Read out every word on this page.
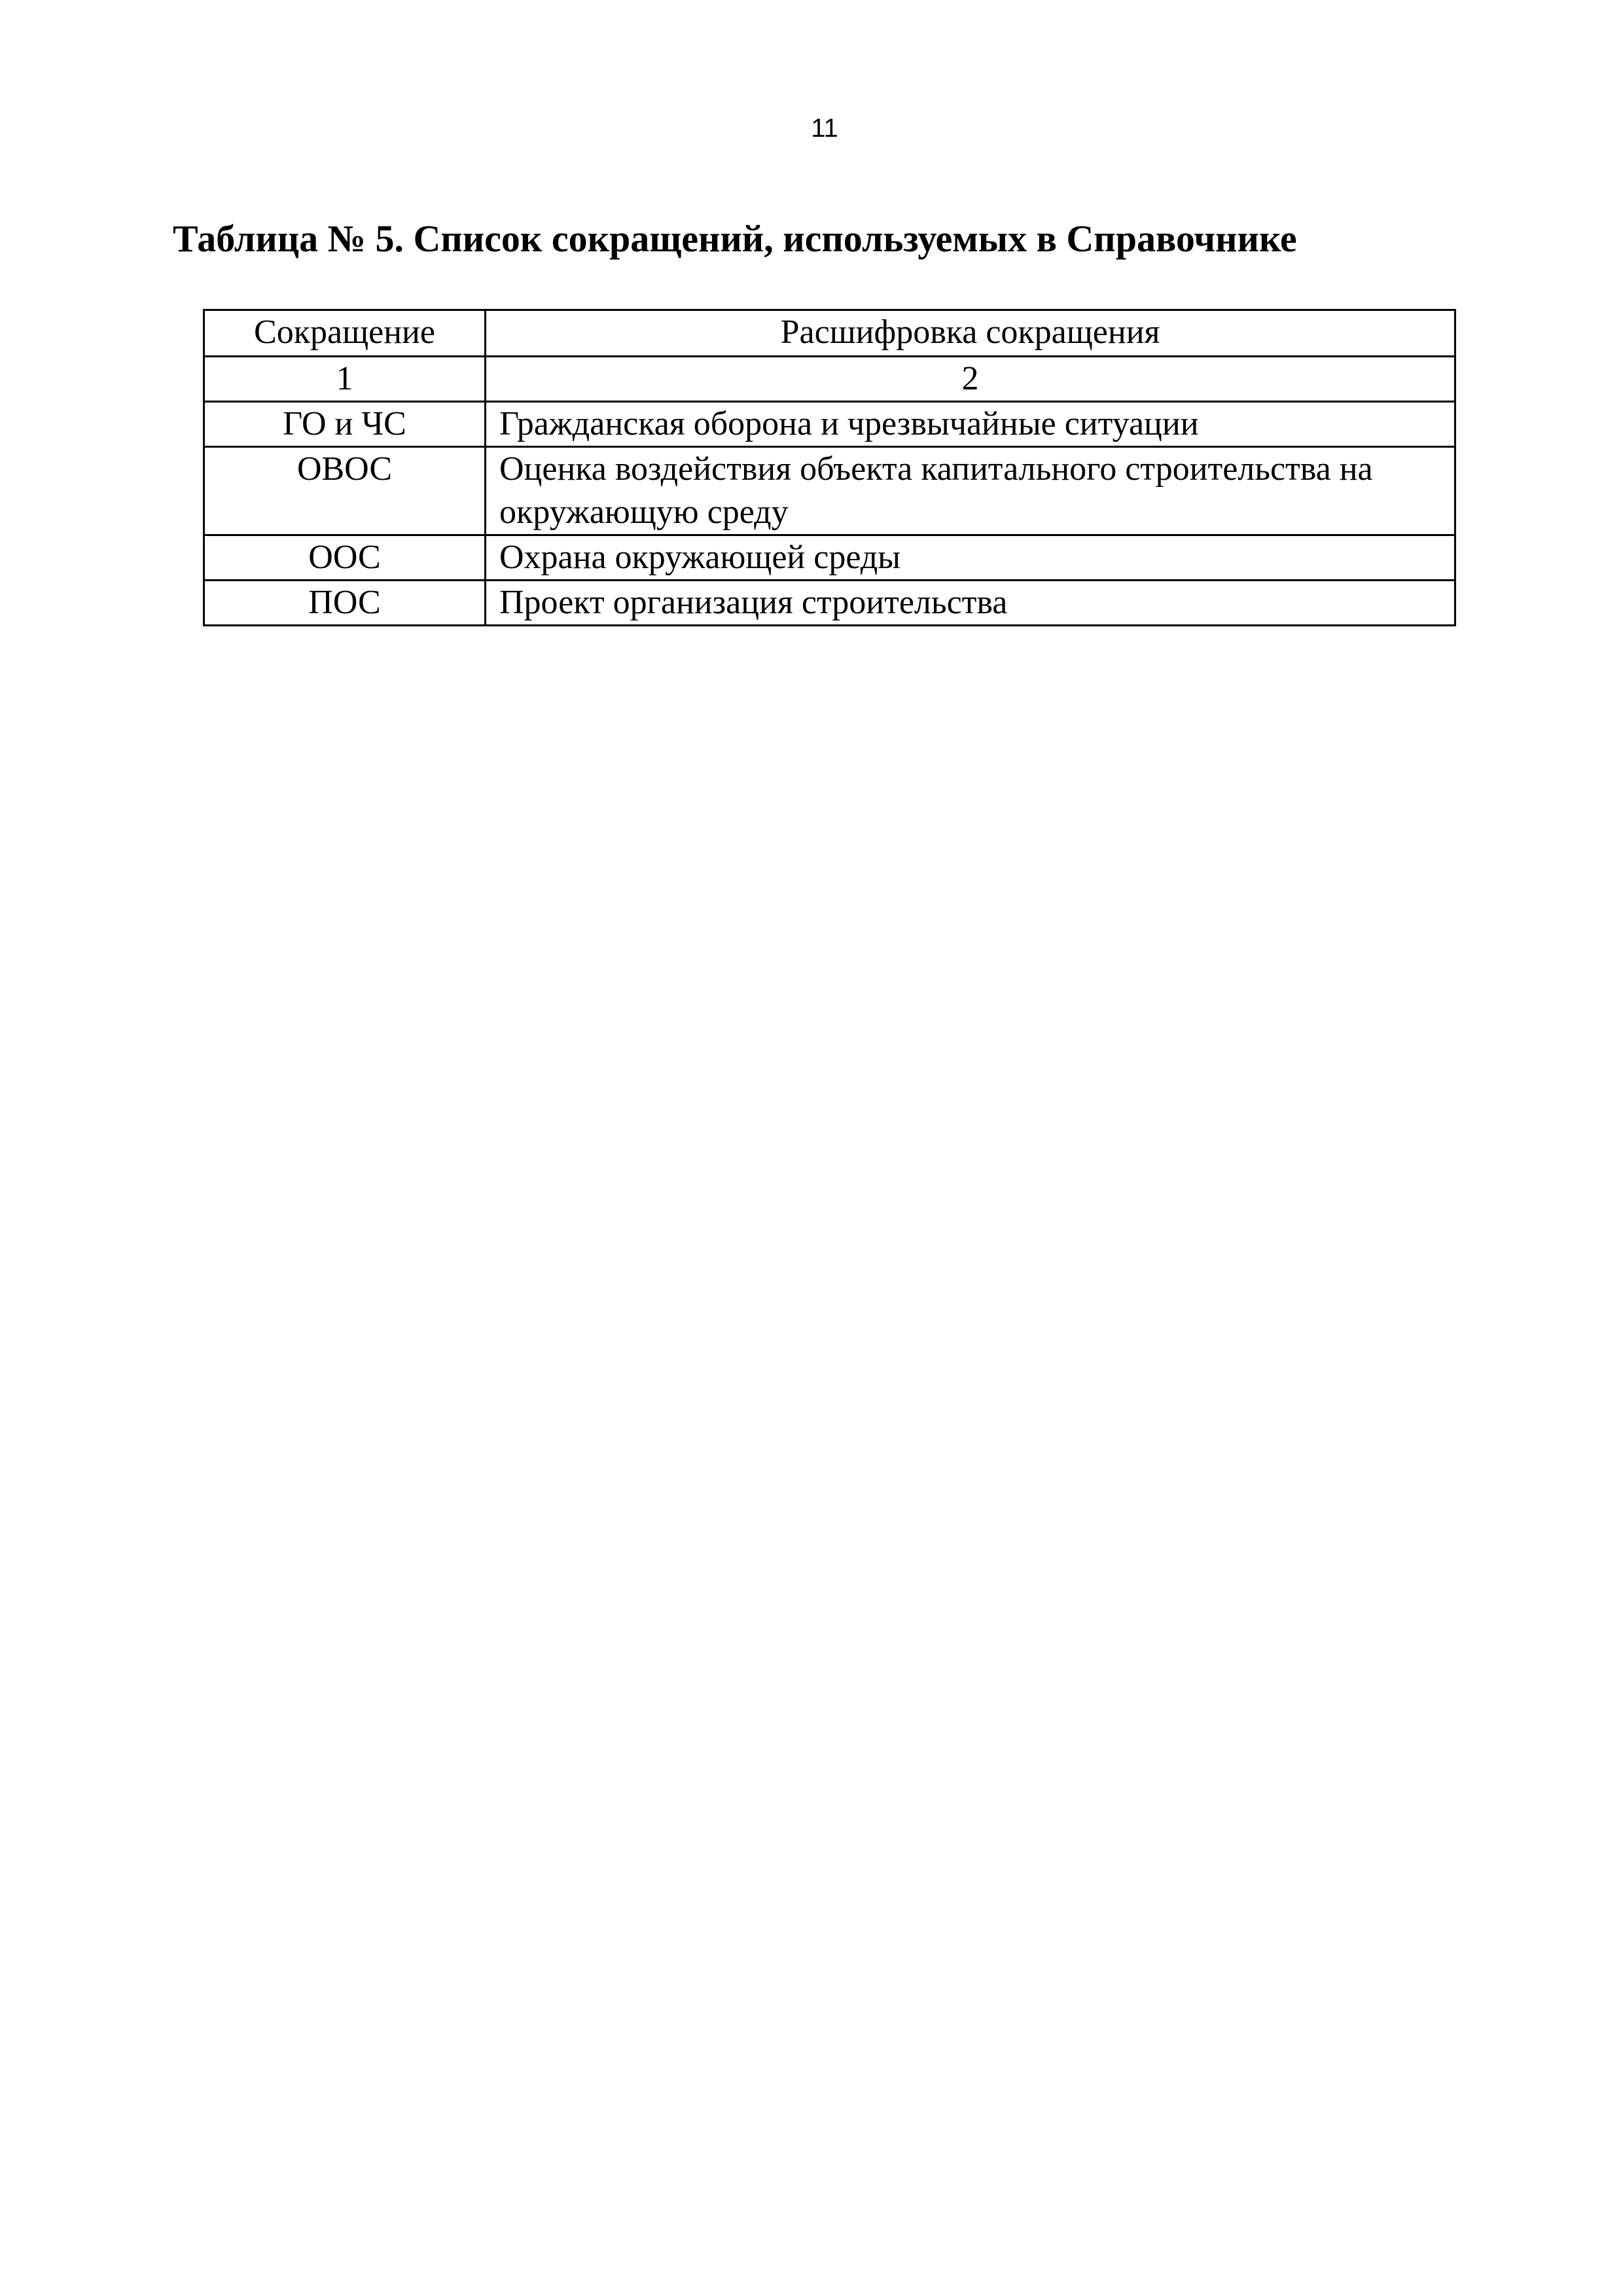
11
Таблица № 5. Список сокращений, используемых в Справочнике
Сокращение	Расшифровка сокращения
1	2
ГО и ЧС	Гражданская оборона и чрезвычайные ситуации
ОВОС	Оценка воздействия объекта капитального строительства на окружающую среду
ООС	Охрана окружающей среды
ПОС	Проект организация строительства
